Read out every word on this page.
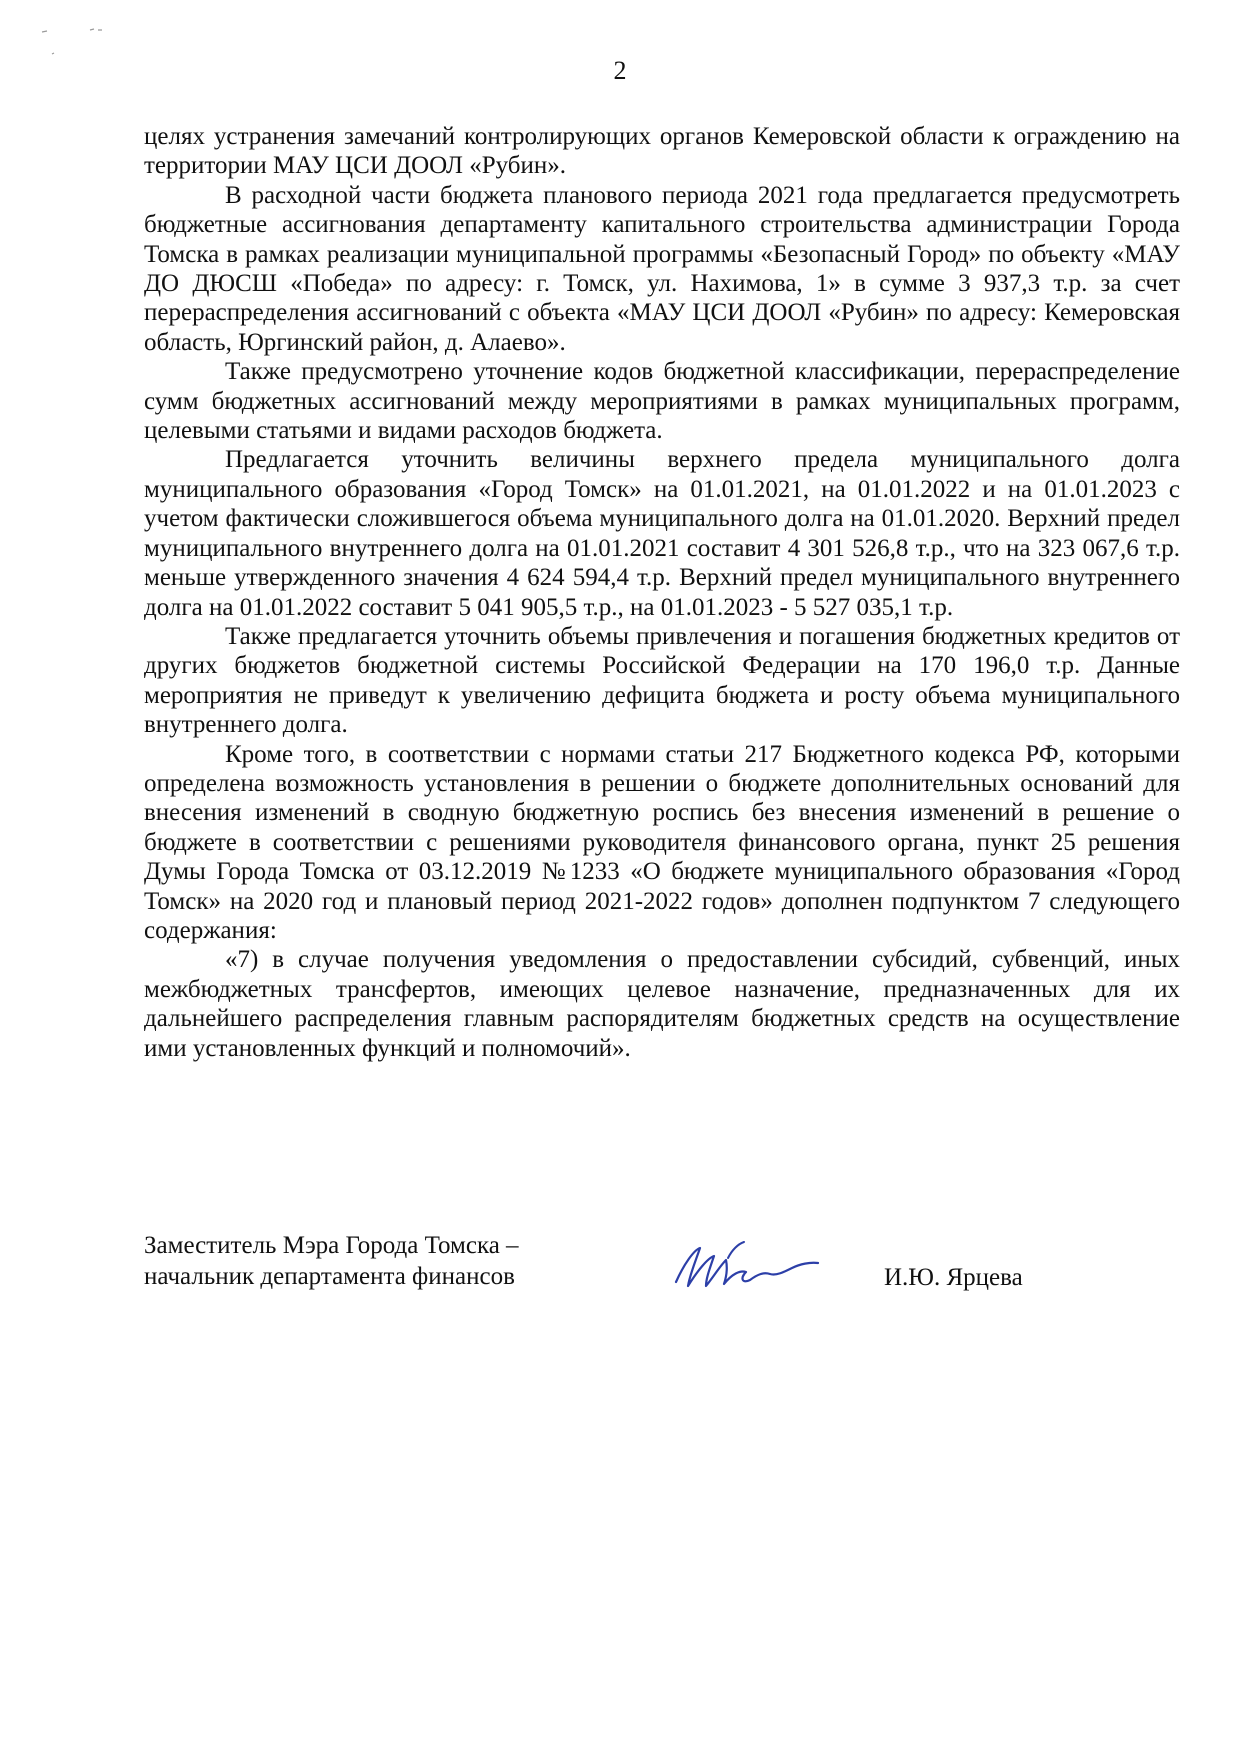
2

целях устранения замечаний контролирующих органов Кемеровской области к ограждению на территории МАУ ЦСИ ДООЛ «Рубин».

В расходной части бюджета планового периода 2021 года предлагается предусмотреть бюджетные ассигнования департаменту капитального строительства администрации Города Томска в рамках реализации муниципальной программы «Безопасный Город» по объекту «МАУ ДО ДЮСШ «Победа» по адресу: г. Томск, ул. Нахимова, 1» в сумме 3 937,3 т.р. за счет перераспределения ассигнований с объекта «МАУ ЦСИ ДООЛ «Рубин» по адресу: Кемеровская область, Юргинский район, д. Алаево».

Также предусмотрено уточнение кодов бюджетной классификации, перераспределение сумм бюджетных ассигнований между мероприятиями в рамках муниципальных программ, целевыми статьями и видами расходов бюджета.

Предлагается уточнить величины верхнего предела муниципального долга муниципального образования «Город Томск» на 01.01.2021, на 01.01.2022 и на 01.01.2023 с учетом фактически сложившегося объема муниципального долга на 01.01.2020. Верхний предел муниципального внутреннего долга на 01.01.2021 составит 4 301 526,8 т.р., что на 323 067,6 т.р. меньше утвержденного значения 4 624 594,4 т.р. Верхний предел муниципального внутреннего долга на 01.01.2022 составит 5 041 905,5 т.р., на 01.01.2023 - 5 527 035,1 т.р.

Также предлагается уточнить объемы привлечения и погашения бюджетных кредитов от других бюджетов бюджетной системы Российской Федерации на 170 196,0 т.р. Данные мероприятия не приведут к увеличению дефицита бюджета и росту объема муниципального внутреннего долга.

Кроме того, в соответствии с нормами статьи 217 Бюджетного кодекса РФ, которыми определена возможность установления в решении о бюджете дополнительных оснований для внесения изменений в сводную бюджетную роспись без внесения изменений в решение о бюджете в соответствии с решениями руководителя финансового органа, пункт 25 решения Думы Города Томска от 03.12.2019 №1233 «О бюджете муниципального образования «Город Томск» на 2020 год и плановый период 2021-2022 годов» дополнен подпунктом 7 следующего содержания:

«7) в случае получения уведомления о предоставлении субсидий, субвенций, иных межбюджетных трансфертов, имеющих целевое назначение, предназначенных для их дальнейшего распределения главным распорядителям бюджетных средств на осуществление ими установленных функций и полномочий».

Заместитель Мэра Города Томска –
начальник департамента финансов	И.Ю. Ярцева
